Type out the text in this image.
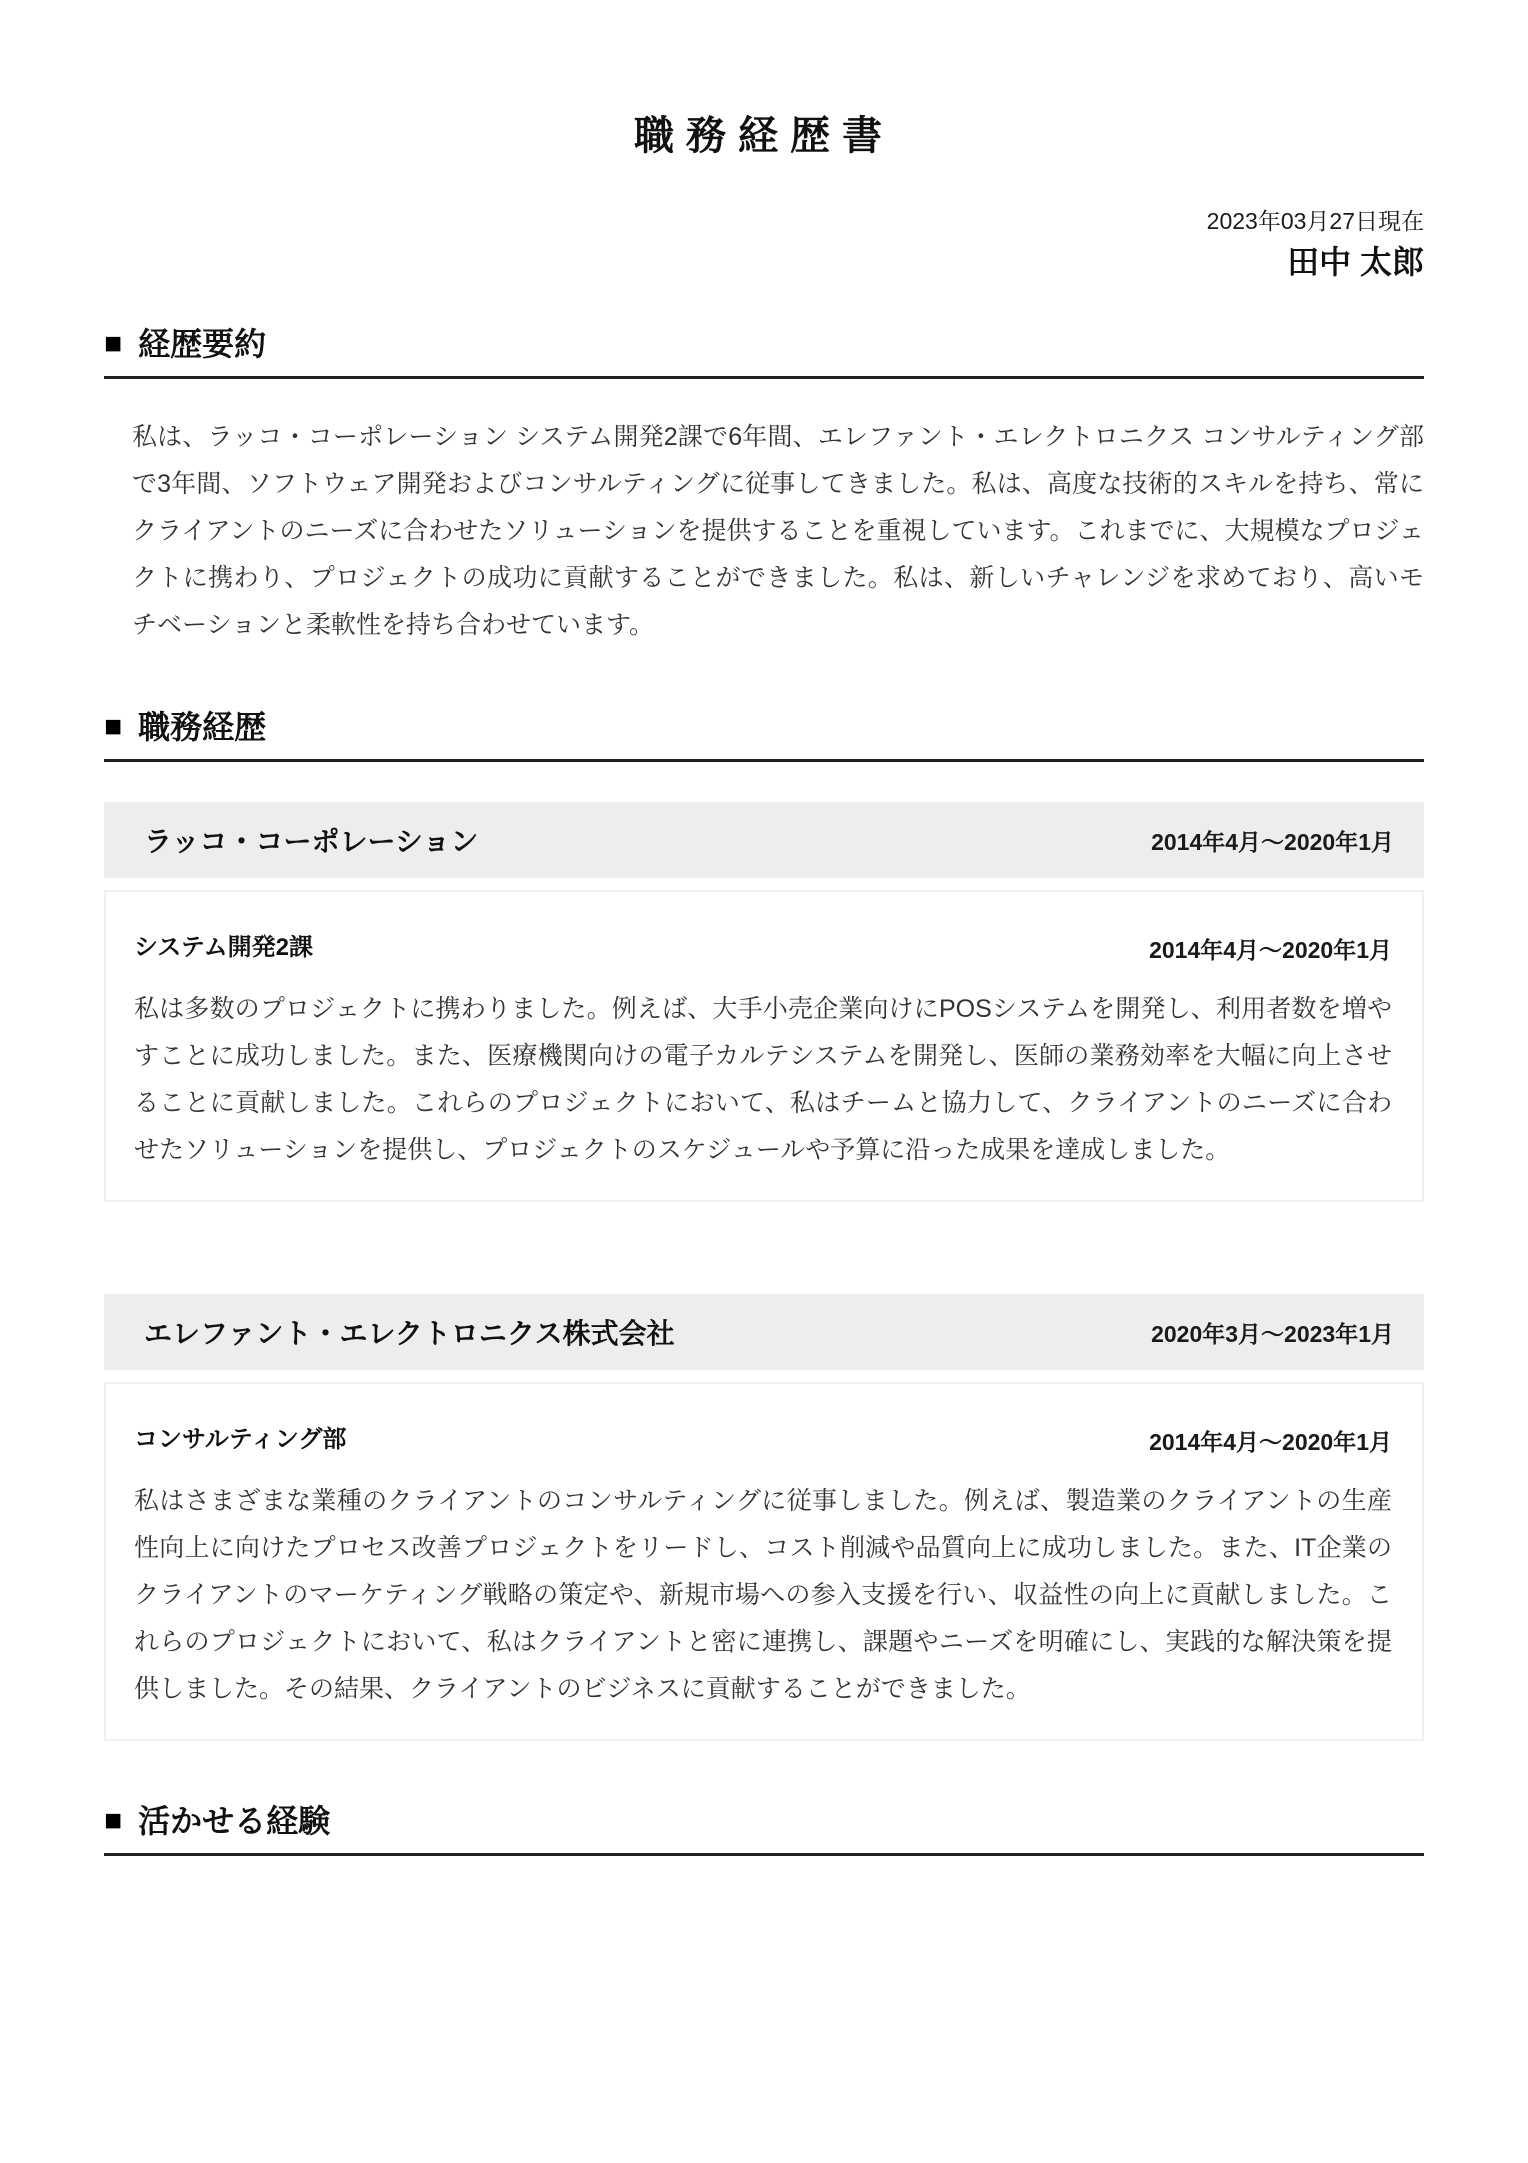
職務経歴書
2023年03月27日現在
田中 太郎
■ 経歴要約

私は、ラッコ・コーポレーション システム開発2課で6年間、エレファント・エレクトロニクス コンサルティング部で3年間、ソフトウェア開発およびコンサルティングに従事してきました。私は、高度な技術的スキルを持ち、常にクライアントのニーズに合わせたソリューションを提供することを重視しています。これまでに、大規模なプロジェクトに携わり、プロジェクトの成功に貢献することができました。私は、新しいチャレンジを求めており、高いモチベーションと柔軟性を持ち合わせています。

■ 職務経歴
ラッコ・コーポレーション	2014年4月～2020年1月
システム開発2課	2014年4月～2020年1月

私は多数のプロジェクトに携わりました。例えば、大手小売企業向けにPOSシステムを開発し、利用者数を増やすことに成功しました。また、医療機関向けの電子カルテシステムを開発し、医師の業務効率を大幅に向上させることに貢献しました。これらのプロジェクトにおいて、私はチームと協力して、クライアントのニーズに合わせたソリューションを提供し、プロジェクトのスケジュールや予算に沿った成果を達成しました。

エレファント・エレクトロニクス株式会社	2020年3月～2023年1月
コンサルティング部	2014年4月～2020年1月

私はさまざまな業種のクライアントのコンサルティングに従事しました。例えば、製造業のクライアントの生産性向上に向けたプロセス改善プロジェクトをリードし、コスト削減や品質向上に成功しました。また、IT企業のクライアントのマーケティング戦略の策定や、新規市場への参入支援を行い、収益性の向上に貢献しました。これらのプロジェクトにおいて、私はクライアントと密に連携し、課題やニーズを明確にし、実践的な解決策を提供しました。その結果、クライアントのビジネスに貢献することができました。

■ 活かせる経験
